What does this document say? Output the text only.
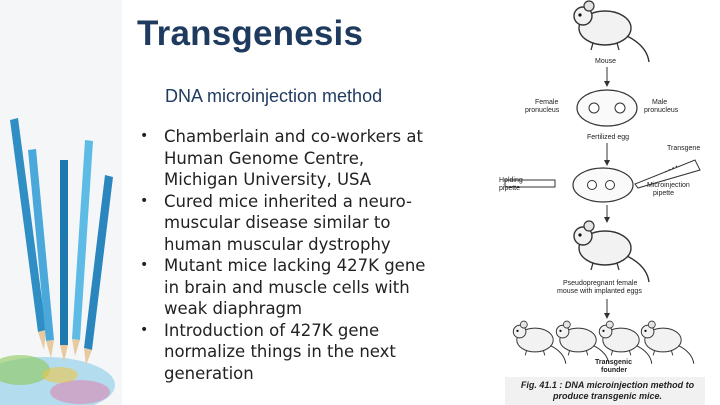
Transgenesis
DNA microinjection method
• Chamberlain and co-workers at Human Genome Centre, Michigan University, USA
• Cured mice inherited a neuro-muscular disease similar to human muscular dystrophy
• Mutant mice lacking 427K gene in brain and muscle cells with weak diaphragm
• Introduction of 427K gene normalize things in the next generation
Mouse
Female pronucleus
Male pronucleus
Fertilized egg
Transgene
Holding pipette	Microinjection pipette
Pseudopregnant female mouse with implanted eggs
Transgenic founder
Fig. 41.1 : DNA microinjection method to produce transgenic mice.
